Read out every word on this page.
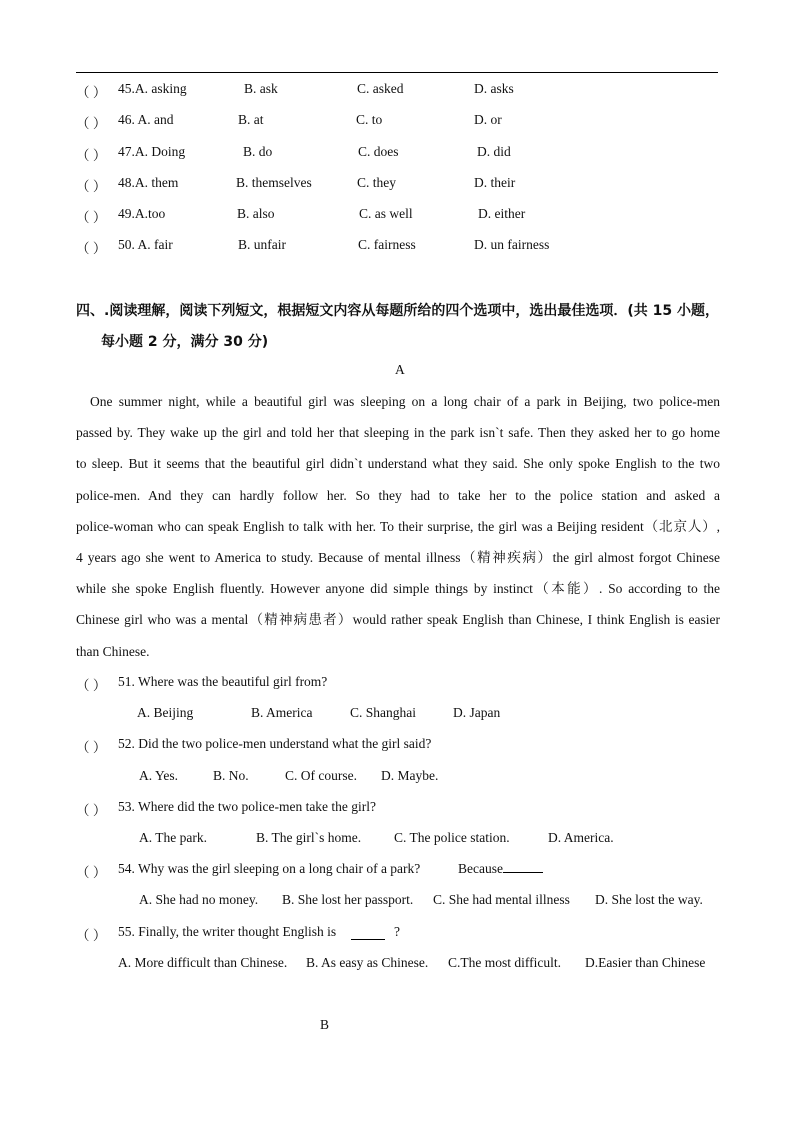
（ ） 45.A. asking	B. ask	C. asked	D. asks
（ ） 46. A. and	B. at	C. to	D. or
（ ） 47.A. Doing	B. do	C. does	D. did
（ ） 48.A. them	B. themselves	C. they	D. their
（ ） 49.A.too	B. also	C. as well	D. either
（ ） 50. A. fair	B. unfair	C. fairness	D. un fairness
四、.阅读理解，阅读下列短文，根据短文内容从每题所给的四个选项中，选出最佳选项．(共 15 小题，
每小题 2 分，满分 30 分)
A
One summer night, while a beautiful girl was sleeping on a long chair of a park in Beijing, two police-men
passed by. They wake up the girl and told her that sleeping in the park isn`t safe. Then they asked her to go home
to sleep. But it seems that the beautiful girl didn`t understand what they said. She only spoke English to the two
police-men. And they can hardly follow her. So they had to take her to the police station and asked a
police-woman who can speak English to talk with her. To their surprise, the girl was a Beijing resident（北京人）,
4 years ago she went to America to study. Because of mental illness（精神疾病）the girl almost forgot Chinese
while she spoke English fluently. However anyone did simple things by instinct（本能）. So according to the
Chinese girl who was a mental（精神病患者）would rather speak English than Chinese, I think English is easier
than Chinese.
（ ） 51. Where was the beautiful girl from?
A. Beijing	B. America	C. Shanghai	D. Japan
（ ） 52. Did the two police-men understand what the girl said?
A. Yes.	B. No.	C. Of course. D. Maybe.
（ ） 53. Where did the two police-men take the girl?
A. The park.	B. The girl`s home. C. The police station.	D. America.
（ ） 54. Why was the girl sleeping on a long chair of a park?	Because
A. She had no money. B. She lost her passport. C. She had mental illness D. She lost the way.
（ ） 55. Finally, the writer thought English is	?
A. More difficult than Chinese. B. As easy as Chinese. C.The most difficult. D.Easier than Chinese
B
